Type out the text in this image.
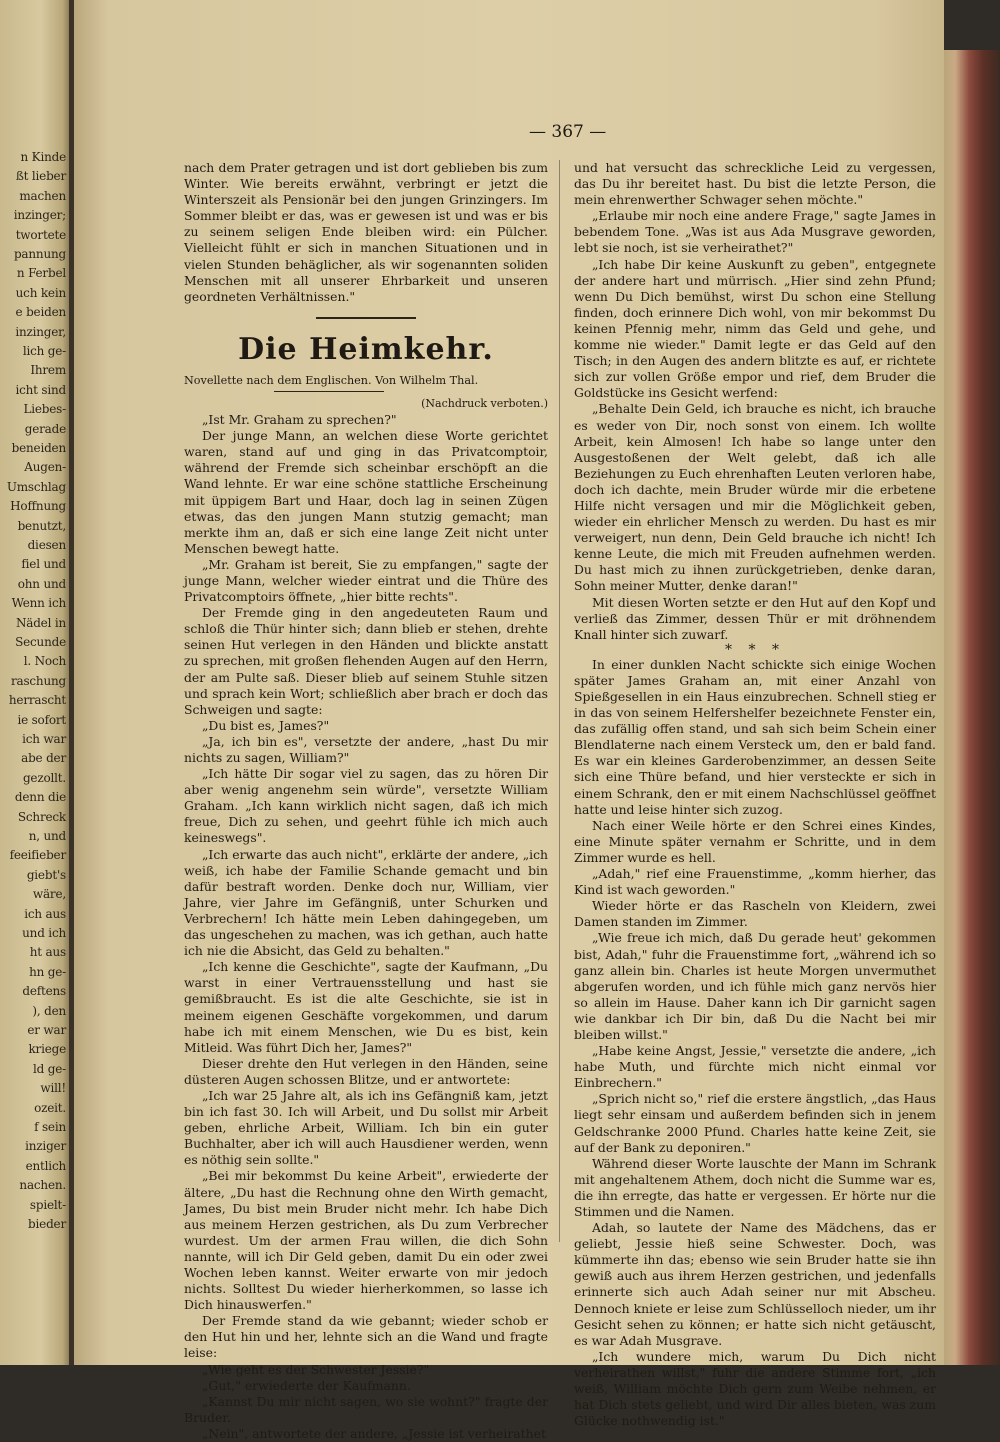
n Kinde
ßt lieber
machen
inzinger;
twortete
pannung
n Ferbel
uch kein
e beiden
inzinger,
lich ge-
Ihrem
icht sind
Liebes-
gerade
beneiden
Augen-
Umschlag
Hoffnung
benutzt,
diesen
fiel und
ohn und
Wenn ich
Nädel in
Secunde
l. Noch
raschung
herrascht
ie sofort
ich war
abe der
gezollt.
denn die
Schreck
n, und
feeifieber
giebt's
wäre,
ich aus
und ich
ht aus
hn ge-
deftens
), den
er war
kriege
ld ge-
will!
ozeit.
f sein
inziger
entlich
nachen.
spielt-
bieder
— 367 —

nach dem Prater getragen und ist dort geblieben bis zum Winter. Wie bereits erwähnt, verbringt er jetzt die Winterszeit als Pensionär bei den jungen Grinzingers. Im Sommer bleibt er das, was er gewesen ist und was er bis zu seinem seligen Ende bleiben wird: ein Pülcher. Vielleicht fühlt er sich in manchen Situationen und in vielen Stunden behäglicher, als wir sogenannten soliden Menschen mit all unserer Ehrbarkeit und unseren geordneten Verhältnissen."

Die Heimkehr.

Novellette nach dem Englischen. Von Wilhelm Thal.

(Nachdruck verboten.)

„Ist Mr. Graham zu sprechen?"

Der junge Mann, an welchen diese Worte gerichtet waren, stand auf und ging in das Privatcomptoir, während der Fremde sich scheinbar erschöpft an die Wand lehnte. Er war eine schöne stattliche Erscheinung mit üppigem Bart und Haar, doch lag in seinen Zügen etwas, das den jungen Mann stutzig gemacht; man merkte ihm an, daß er sich eine lange Zeit nicht unter Menschen bewegt hatte.

„Mr. Graham ist bereit, Sie zu empfangen," sagte der junge Mann, welcher wieder eintrat und die Thüre des Privatcomptoirs öffnete, „hier bitte rechts".

Der Fremde ging in den angedeuteten Raum und schloß die Thür hinter sich; dann blieb er stehen, drehte seinen Hut verlegen in den Händen und blickte anstatt zu sprechen, mit großen flehenden Augen auf den Herrn, der am Pulte saß. Dieser blieb auf seinem Stuhle sitzen und sprach kein Wort; schließlich aber brach er doch das Schweigen und sagte:

„Du bist es, James?"

„Ja, ich bin es", versetzte der andere, „hast Du mir nichts zu sagen, William?"

„Ich hätte Dir sogar viel zu sagen, das zu hören Dir aber wenig angenehm sein würde", versetzte William Graham. „Ich kann wirklich nicht sagen, daß ich mich freue, Dich zu sehen, und geehrt fühle ich mich auch keineswegs".

„Ich erwarte das auch nicht", erklärte der andere, „ich weiß, ich habe der Familie Schande gemacht und bin dafür bestraft worden. Denke doch nur, William, vier Jahre, vier Jahre im Gefängniß, unter Schurken und Verbrechern! Ich hätte mein Leben dahingegeben, um das ungeschehen zu machen, was ich gethan, auch hatte ich nie die Absicht, das Geld zu behalten."

„Ich kenne die Geschichte", sagte der Kaufmann, „Du warst in einer Vertrauensstellung und hast sie gemißbraucht. Es ist die alte Geschichte, sie ist in meinem eigenen Geschäfte vorgekommen, und darum habe ich mit einem Menschen, wie Du es bist, kein Mitleid. Was führt Dich her, James?"

Dieser drehte den Hut verlegen in den Händen, seine düsteren Augen schossen Blitze, und er antwortete:

„Ich war 25 Jahre alt, als ich ins Gefängniß kam, jetzt bin ich fast 30. Ich will Arbeit, und Du sollst mir Arbeit geben, ehrliche Arbeit, William. Ich bin ein guter Buchhalter, aber ich will auch Hausdiener werden, wenn es nöthig sein sollte."

„Bei mir bekommst Du keine Arbeit", erwiederte der ältere, „Du hast die Rechnung ohne den Wirth gemacht, James, Du bist mein Bruder nicht mehr. Ich habe Dich aus meinem Herzen gestrichen, als Du zum Verbrecher wurdest. Um der armen Frau willen, die dich Sohn nannte, will ich Dir Geld geben, damit Du ein oder zwei Wochen leben kannst. Weiter erwarte von mir jedoch nichts. Solltest Du wieder hierherkommen, so lasse ich Dich hinauswerfen."

Der Fremde stand da wie gebannt; wieder schob er den Hut hin und her, lehnte sich an die Wand und fragte leise:

„Wie geht es der Schwester Jessie?"

„Gut," erwiederte der Kaufmann.

„Kannst Du mir nicht sagen, wo sie wohnt?" fragte der Bruder.

„Nein", antwortete der andere, „Jessie ist verheirathet

und hat versucht das schreckliche Leid zu vergessen, das Du ihr bereitet hast. Du bist die letzte Person, die mein ehrenwerther Schwager sehen möchte."

„Erlaube mir noch eine andere Frage," sagte James in bebendem Tone. „Was ist aus Ada Musgrave geworden, lebt sie noch, ist sie verheirathet?"

„Ich habe Dir keine Auskunft zu geben", entgegnete der andere hart und mürrisch. „Hier sind zehn Pfund; wenn Du Dich bemühst, wirst Du schon eine Stellung finden, doch erinnere Dich wohl, von mir bekommst Du keinen Pfennig mehr, nimm das Geld und gehe, und komme nie wieder." Damit legte er das Geld auf den Tisch; in den Augen des andern blitzte es auf, er richtete sich zur vollen Größe empor und rief, dem Bruder die Goldstücke ins Gesicht werfend:

„Behalte Dein Geld, ich brauche es nicht, ich brauche es weder von Dir, noch sonst von einem. Ich wollte Arbeit, kein Almosen! Ich habe so lange unter den Ausgestoßenen der Welt gelebt, daß ich alle Beziehungen zu Euch ehrenhaften Leuten verloren habe, doch ich dachte, mein Bruder würde mir die erbetene Hilfe nicht versagen und mir die Möglichkeit geben, wieder ein ehrlicher Mensch zu werden. Du hast es mir verweigert, nun denn, Dein Geld brauche ich nicht! Ich kenne Leute, die mich mit Freuden aufnehmen werden. Du hast mich zu ihnen zurückgetrieben, denke daran, Sohn meiner Mutter, denke daran!"

Mit diesen Worten setzte er den Hut auf den Kopf und verließ das Zimmer, dessen Thür er mit dröhnendem Knall hinter sich zuwarf.

* * *

In einer dunklen Nacht schickte sich einige Wochen später James Graham an, mit einer Anzahl von Spießgesellen in ein Haus einzubrechen. Schnell stieg er in das von seinem Helfershelfer bezeichnete Fenster ein, das zufällig offen stand, und sah sich beim Schein einer Blendlaterne nach einem Versteck um, den er bald fand. Es war ein kleines Garderobenzimmer, an dessen Seite sich eine Thüre befand, und hier versteckte er sich in einem Schrank, den er mit einem Nachschlüssel geöffnet hatte und leise hinter sich zuzog.

Nach einer Weile hörte er den Schrei eines Kindes, eine Minute später vernahm er Schritte, und in dem Zimmer wurde es hell.

„Adah," rief eine Frauenstimme, „komm hierher, das Kind ist wach geworden."

Wieder hörte er das Rascheln von Kleidern, zwei Damen standen im Zimmer.

„Wie freue ich mich, daß Du gerade heut' gekommen bist, Adah," fuhr die Frauenstimme fort, „während ich so ganz allein bin. Charles ist heute Morgen unvermuthet abgerufen worden, und ich fühle mich ganz nervös hier so allein im Hause. Daher kann ich Dir garnicht sagen wie dankbar ich Dir bin, daß Du die Nacht bei mir bleiben willst."

„Habe keine Angst, Jessie," versetzte die andere, „ich habe Muth, und fürchte mich nicht einmal vor Einbrechern."

„Sprich nicht so," rief die erstere ängstlich, „das Haus liegt sehr einsam und außerdem befinden sich in jenem Geldschranke 2000 Pfund. Charles hatte keine Zeit, sie auf der Bank zu deponiren."

Während dieser Worte lauschte der Mann im Schrank mit angehaltenem Athem, doch nicht die Summe war es, die ihn erregte, das hatte er vergessen. Er hörte nur die Stimmen und die Namen.

Adah, so lautete der Name des Mädchens, das er geliebt, Jessie hieß seine Schwester. Doch, was kümmerte ihn das; ebenso wie sein Bruder hatte sie ihn gewiß auch aus ihrem Herzen gestrichen, und jedenfalls erinnerte sich auch Adah seiner nur mit Abscheu. Dennoch kniete er leise zum Schlüsselloch nieder, um ihr Gesicht sehen zu können; er hatte sich nicht getäuscht, es war Adah Musgrave.

„Ich wundere mich, warum Du Dich nicht verheirathen willst," fuhr die andere Stimme fort, „ich weiß, William möchte Dich gern zum Weibe nehmen, er hat Dich stets geliebt, und wird Dir alles bieten, was zum Glücke nothwendig ist."
